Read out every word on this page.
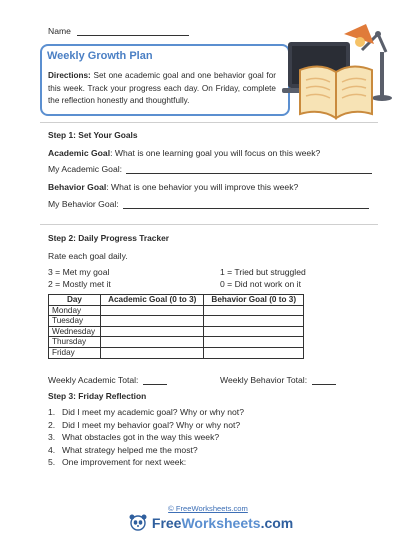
Name
Weekly Growth Plan
Directions: Set one academic goal and one behavior goal for this week. Track your progress each day. On Friday, complete the reflection honestly and thoughtfully.
Step 1: Set Your Goals
Academic Goal: What is one learning goal you will focus on this week?
My Academic Goal:
Behavior Goal: What is one behavior you will improve this week?
My Behavior Goal:
Step 2: Daily Progress Tracker
Rate each goal daily.
3 = Met my goal
2 = Mostly met it
1 = Tried but struggled
0 = Did not work on it
Day	Academic Goal (0 to 3)	Behavior Goal (0 to 3)
Monday		
Tuesday		
Wednesday		
Thursday		
Friday		
Weekly Academic Total:	Weekly Behavior Total:
Step 3: Friday Reflection
1. Did I meet my academic goal? Why or why not?
2. Did I meet my behavior goal? Why or why not?
3. What obstacles got in the way this week?
4. What strategy helped me the most?
5. One improvement for next week:
© FreeWorksheets.com
FreeWorksheets.com
